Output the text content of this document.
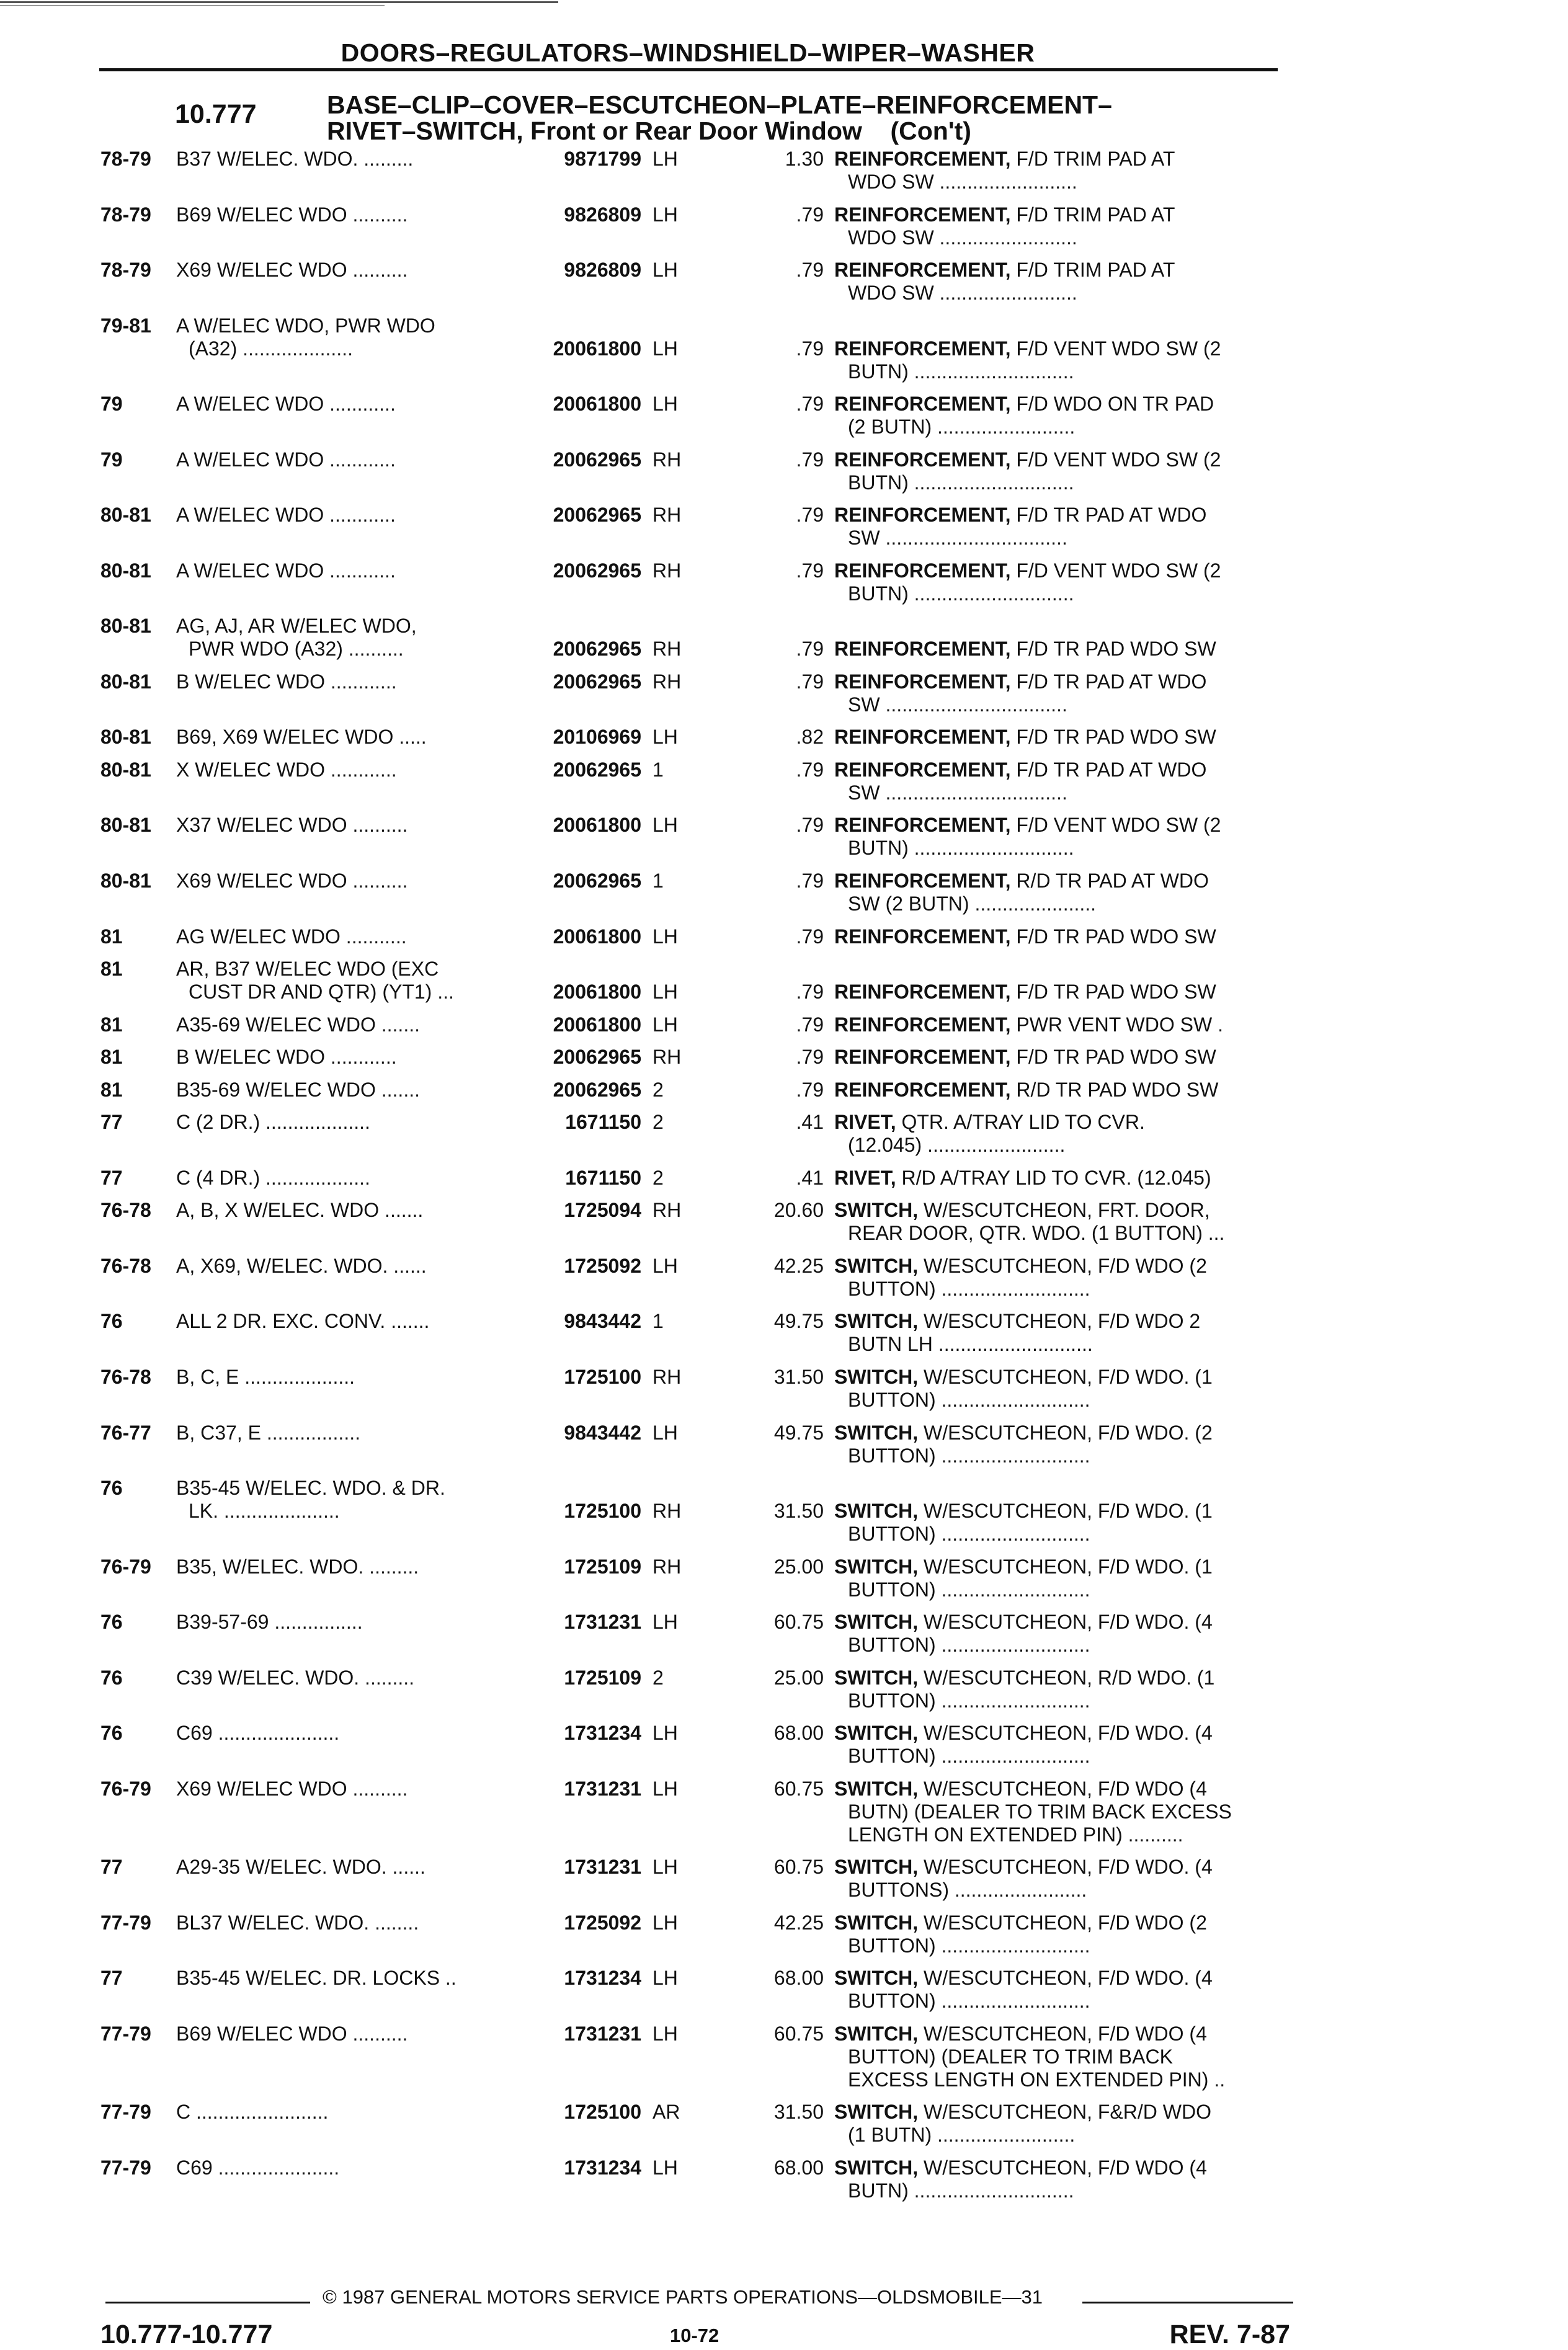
DOORS–REGULATORS–WINDSHIELD–WIPER–WASHER
10.777	BASE–CLIP–COVER–ESCUTCHEON–PLATE–REINFORCEMENT–
RIVET–SWITCH, Front or Rear Door Window    (Con't)
78-79	B37 W/ELEC. WDO. .........	9871799 LH	1.30 REINFORCEMENT, F/D TRIM PAD AT
WDO SW .........................
78-79	B69 W/ELEC WDO ..........	9826809 LH	.79 REINFORCEMENT, F/D TRIM PAD AT
WDO SW .........................
78-79	X69 W/ELEC WDO ..........	9826809 LH	.79 REINFORCEMENT, F/D TRIM PAD AT
WDO SW .........................
79-81	A W/ELEC WDO, PWR WDO
(A32) ....................	20061800 LH	.79 REINFORCEMENT, F/D VENT WDO SW (2
BUTN) .............................
79	A W/ELEC WDO ............	20061800 LH	.79 REINFORCEMENT, F/D WDO ON TR PAD
(2 BUTN) .........................
79	A W/ELEC WDO ............	20062965 RH	.79 REINFORCEMENT, F/D VENT WDO SW (2
BUTN) .............................
80-81	A W/ELEC WDO ............	20062965 RH	.79 REINFORCEMENT, F/D TR PAD AT WDO
SW .................................
80-81	A W/ELEC WDO ............	20062965 RH	.79 REINFORCEMENT, F/D VENT WDO SW (2
BUTN) .............................
80-81	AG, AJ, AR W/ELEC WDO,
PWR WDO (A32) ..........	20062965 RH	.79 REINFORCEMENT, F/D TR PAD WDO SW
80-81	B W/ELEC WDO ............	20062965 RH	.79 REINFORCEMENT, F/D TR PAD AT WDO
SW .................................
80-81	B69, X69 W/ELEC WDO .....	20106969 LH	.82 REINFORCEMENT, F/D TR PAD WDO SW
80-81	X W/ELEC WDO ............	20062965 1	.79 REINFORCEMENT, F/D TR PAD AT WDO
SW .................................
80-81	X37 W/ELEC WDO ..........	20061800 LH	.79 REINFORCEMENT, F/D VENT WDO SW (2
BUTN) .............................
80-81	X69 W/ELEC WDO ..........	20062965 1	.79 REINFORCEMENT, R/D TR PAD AT WDO
SW (2 BUTN) ......................
81	AG W/ELEC WDO ...........	20061800 LH	.79 REINFORCEMENT, F/D TR PAD WDO SW
81	AR, B37 W/ELEC WDO (EXC
CUST DR AND QTR) (YT1) ...	20061800 LH	.79 REINFORCEMENT, F/D TR PAD WDO SW
81	A35-69 W/ELEC WDO .......	20061800 LH	.79 REINFORCEMENT, PWR VENT WDO SW .
81	B W/ELEC WDO ............	20062965 RH	.79 REINFORCEMENT, F/D TR PAD WDO SW
81	B35-69 W/ELEC WDO .......	20062965 2	.79 REINFORCEMENT, R/D TR PAD WDO SW
77	C (2 DR.) ...................	1671150 2	.41 RIVET, QTR. A/TRAY LID TO CVR.
(12.045) .........................
77	C (4 DR.) ...................	1671150 2	.41 RIVET, R/D A/TRAY LID TO CVR. (12.045)
76-78	A, B, X W/ELEC. WDO .......	1725094 RH	20.60 SWITCH, W/ESCUTCHEON, FRT. DOOR,
REAR DOOR, QTR. WDO. (1 BUTTON) ...
76-78	A, X69, W/ELEC. WDO. ......	1725092 LH	42.25 SWITCH, W/ESCUTCHEON, F/D WDO (2
BUTTON) ...........................
76	ALL 2 DR. EXC. CONV. .......	9843442 1	49.75 SWITCH, W/ESCUTCHEON, F/D WDO 2
BUTN LH ............................
76-78	B, C, E ....................	1725100 RH	31.50 SWITCH, W/ESCUTCHEON, F/D WDO. (1
BUTTON) ...........................
76-77	B, C37, E .................	9843442 LH	49.75 SWITCH, W/ESCUTCHEON, F/D WDO. (2
BUTTON) ...........................
76	B35-45 W/ELEC. WDO. & DR.
LK. .....................	1725100 RH	31.50 SWITCH, W/ESCUTCHEON, F/D WDO. (1
BUTTON) ...........................
76-79	B35, W/ELEC. WDO. .........	1725109 RH	25.00 SWITCH, W/ESCUTCHEON, F/D WDO. (1
BUTTON) ...........................
76	B39-57-69 ................	1731231 LH	60.75 SWITCH, W/ESCUTCHEON, F/D WDO. (4
BUTTON) ...........................
76	C39 W/ELEC. WDO. .........	1725109 2	25.00 SWITCH, W/ESCUTCHEON, R/D WDO. (1
BUTTON) ...........................
76	C69 ......................	1731234 LH	68.00 SWITCH, W/ESCUTCHEON, F/D WDO. (4
BUTTON) ...........................
76-79	X69 W/ELEC WDO ..........	1731231 LH	60.75 SWITCH, W/ESCUTCHEON, F/D WDO (4
BUTN) (DEALER TO TRIM BACK EXCESS
LENGTH ON EXTENDED PIN) ..........
77	A29-35 W/ELEC. WDO. ......	1731231 LH	60.75 SWITCH, W/ESCUTCHEON, F/D WDO. (4
BUTTONS) ........................
77-79	BL37 W/ELEC. WDO. ........	1725092 LH	42.25 SWITCH, W/ESCUTCHEON, F/D WDO (2
BUTTON) ...........................
77	B35-45 W/ELEC. DR. LOCKS ..	1731234 LH	68.00 SWITCH, W/ESCUTCHEON, F/D WDO. (4
BUTTON) ...........................
77-79	B69 W/ELEC WDO ..........	1731231 LH	60.75 SWITCH, W/ESCUTCHEON, F/D WDO (4
BUTTON) (DEALER TO TRIM BACK
EXCESS LENGTH ON EXTENDED PIN) ..
77-79	C ........................	1725100 AR	31.50 SWITCH, W/ESCUTCHEON, F&R/D WDO
(1 BUTN) .........................
77-79	C69 ......................	1731234 LH	68.00 SWITCH, W/ESCUTCHEON, F/D WDO (4
BUTN) .............................
© 1987 GENERAL MOTORS SERVICE PARTS OPERATIONS—OLDSMOBILE—31
10.777-10.777	10-72	REV. 7-87
